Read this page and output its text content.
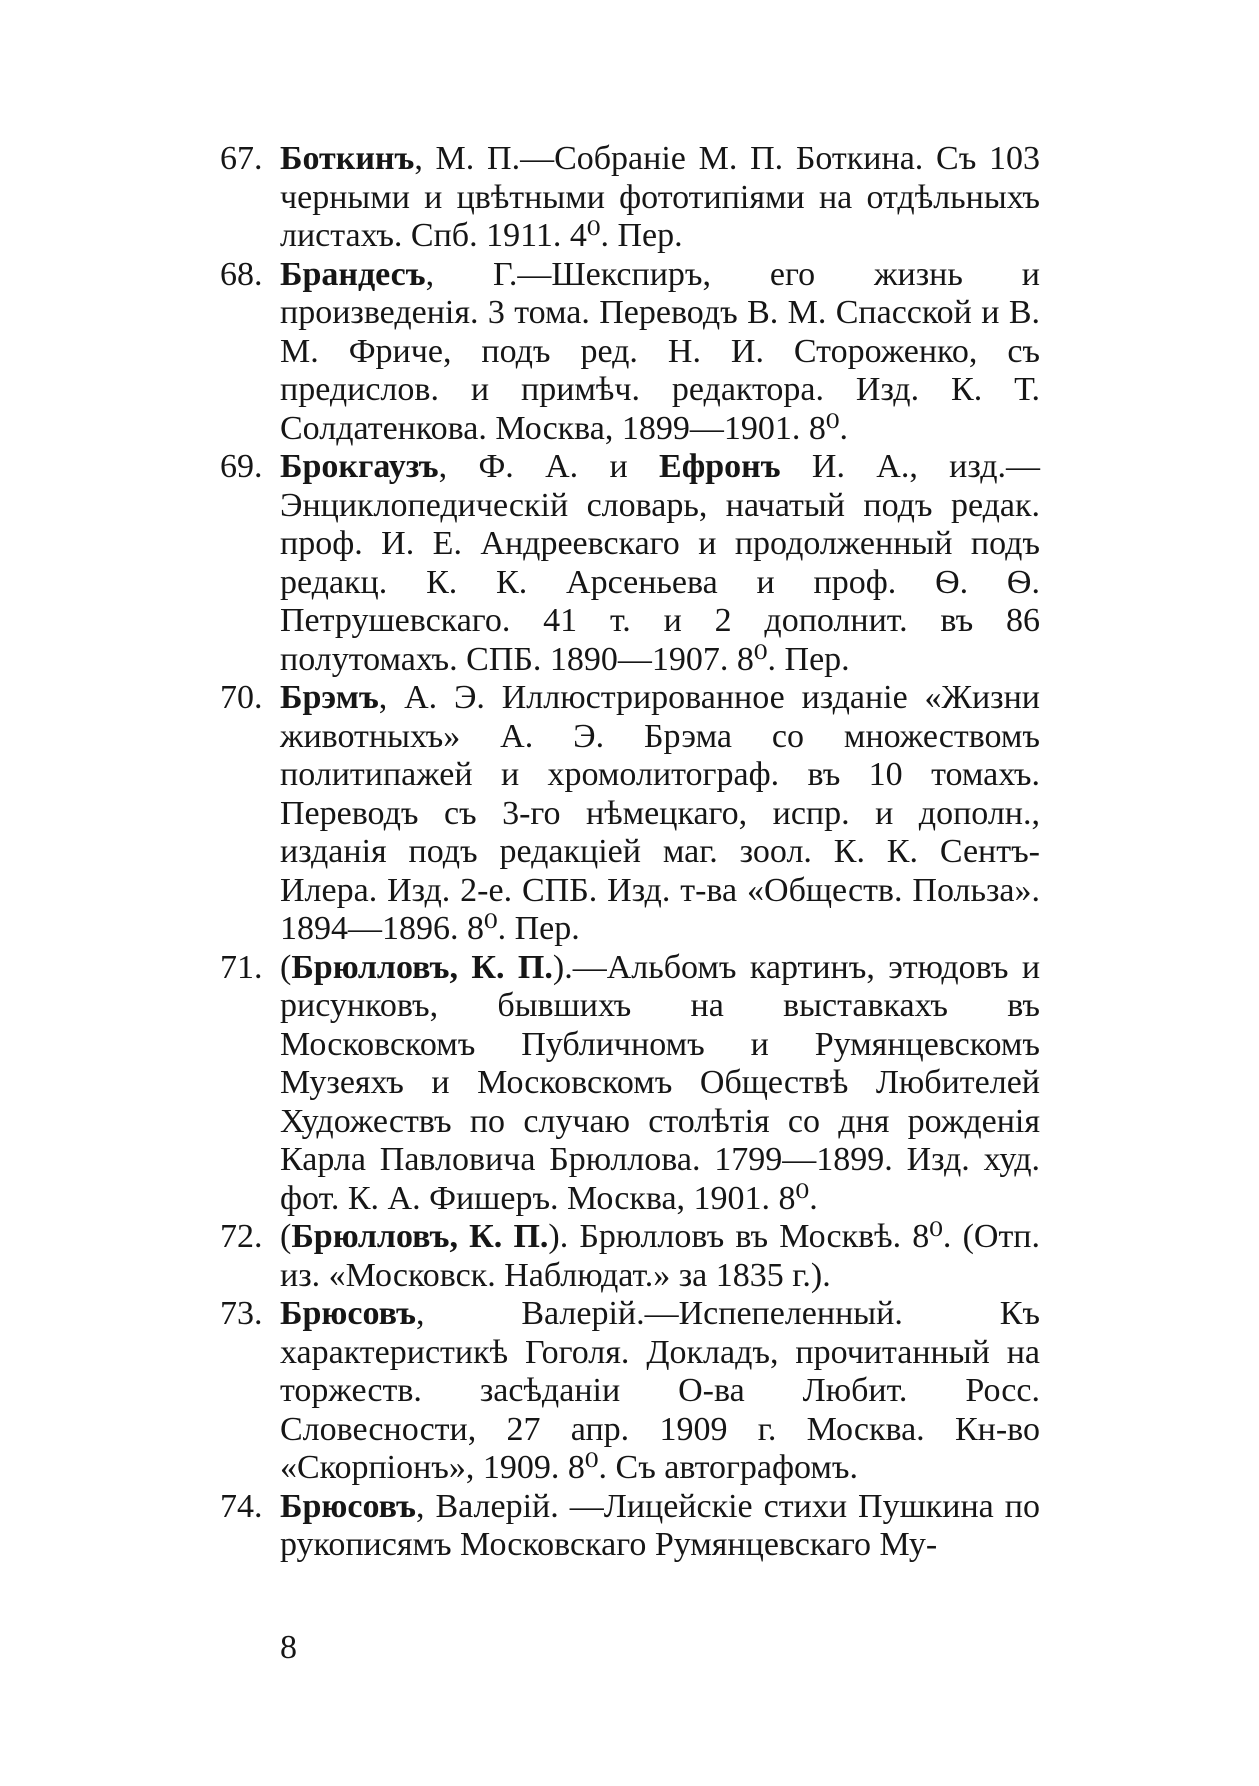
67. Боткинъ, М. П.—Собраніе М. П. Боткина. Съ 103 черными и цвѣтными фототипіями на отдѣльныхъ листахъ. Спб. 1911. 4⁰. Пер.
68. Брандесъ, Г.—Шекспиръ, его жизнь и произведенія. 3 тома. Переводъ В. М. Спасской и В. М. Фриче, подъ ред. Н. И. Стороженко, съ предислов. и примѣч. редактора. Изд. К. Т. Солдатенкова. Москва, 1899—1901. 8⁰.
69. Брокгаузъ, Ф. А. и Ефронъ И. А., изд.—Энциклопедическій словарь, начатый подъ редак. проф. И. Е. Андреевскаго и продолженный подъ редакц. К. К. Арсеньева и проф. Ѳ. Ѳ. Петрушевскаго. 41 т. и 2 дополнит. въ 86 полутомахъ. СПБ. 1890—1907. 8⁰. Пер.
70. Брэмъ, А. Э. Иллюстрированное изданіе «Жизни животныхъ» А. Э. Брэма со множествомъ политипажей и хромолитограф. въ 10 томахъ. Переводъ съ 3-го нѣмецкаго, испр. и дополн., изданія подъ редакціей маг. зоол. К. К. Сентъ-Илера. Изд. 2-е. СПБ. Изд. т-ва «Обществ. Польза». 1894—1896. 8⁰. Пер.
71. (Брюлловъ, К. П.).—Альбомъ картинъ, этюдовъ и рисунковъ, бывшихъ на выставкахъ въ Московскомъ Публичномъ и Румянцевскомъ Музеяхъ и Московскомъ Обществѣ Любителей Художествъ по случаю столѣтія со дня рожденія Карла Павловича Брюллова. 1799—1899. Изд. худ. фот. К. А. Фишеръ. Москва, 1901. 8⁰.
72. (Брюлловъ, К. П.). Брюлловъ въ Москвѣ. 8⁰. (Отп. из. «Московск. Наблюдат.» за 1835 г.).
73. Брюсовъ, Валерій.—Испепеленный. Къ характеристикѣ Гоголя. Докладъ, прочитанный на торжеств. засѣданіи О-ва Любит. Росс. Словесности, 27 апр. 1909 г. Москва. Кн-во «Скорпіонъ», 1909. 8⁰. Съ автографомъ.
74. Брюсовъ, Валерій. —Лицейскіе стихи Пушкина по рукописямъ Московскаго Румянцевскаго Му-
8
